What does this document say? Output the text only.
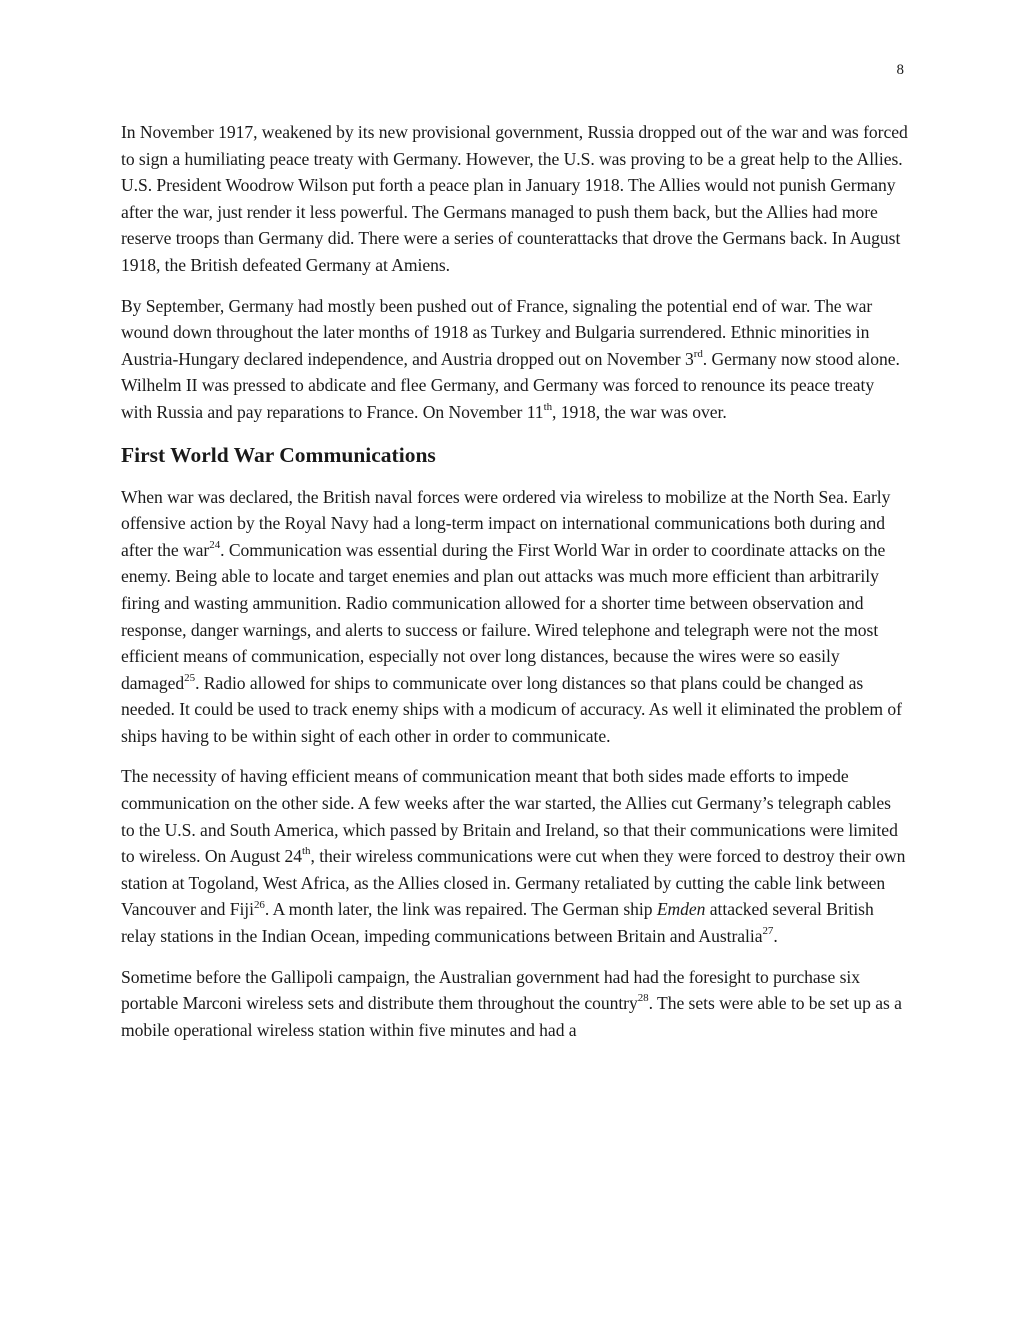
8

In November 1917, weakened by its new provisional government, Russia dropped out of the war and was forced to sign a humiliating peace treaty with Germany. However, the U.S. was proving to be a great help to the Allies. U.S. President Woodrow Wilson put forth a peace plan in January 1918. The Allies would not punish Germany after the war, just render it less powerful. The Germans managed to push them back, but the Allies had more reserve troops than Germany did. There were a series of counterattacks that drove the Germans back. In August 1918, the British defeated Germany at Amiens.

By September, Germany had mostly been pushed out of France, signaling the potential end of war. The war wound down throughout the later months of 1918 as Turkey and Bulgaria surrendered. Ethnic minorities in Austria-Hungary declared independence, and Austria dropped out on November 3rd. Germany now stood alone. Wilhelm II was pressed to abdicate and flee Germany, and Germany was forced to renounce its peace treaty with Russia and pay reparations to France. On November 11th, 1918, the war was over.

First World War Communications

When war was declared, the British naval forces were ordered via wireless to mobilize at the North Sea. Early offensive action by the Royal Navy had a long-term impact on international communications both during and after the war$^{24}$. Communication was essential during the First World War in order to coordinate attacks on the enemy. Being able to locate and target enemies and plan out attacks was much more efficient than arbitrarily firing and wasting ammunition. Radio communication allowed for a shorter time between observation and response, danger warnings, and alerts to success or failure. Wired telephone and telegraph were not the most efficient means of communication, especially not over long distances, because the wires were so easily damaged$^{25}$. Radio allowed for ships to communicate over long distances so that plans could be changed as needed. It could be used to track enemy ships with a modicum of accuracy. As well it eliminated the problem of ships having to be within sight of each other in order to communicate.

The necessity of having efficient means of communication meant that both sides made efforts to impede communication on the other side. A few weeks after the war started, the Allies cut Germany’s telegraph cables to the U.S. and South America, which passed by Britain and Ireland, so that their communications were limited to wireless. On August 24th, their wireless communications were cut when they were forced to destroy their own station at Togoland, West Africa, as the Allies closed in. Germany retaliated by cutting the cable link between Vancouver and Fiji$^{26}$. A month later, the link was repaired. The German ship Emden attacked several British relay stations in the Indian Ocean, impeding communications between Britain and Australia$^{27}$.

Sometime before the Gallipoli campaign, the Australian government had had the foresight to purchase six portable Marconi wireless sets and distribute them throughout the country$^{28}$. The sets were able to be set up as a mobile operational wireless station within five minutes and had a
